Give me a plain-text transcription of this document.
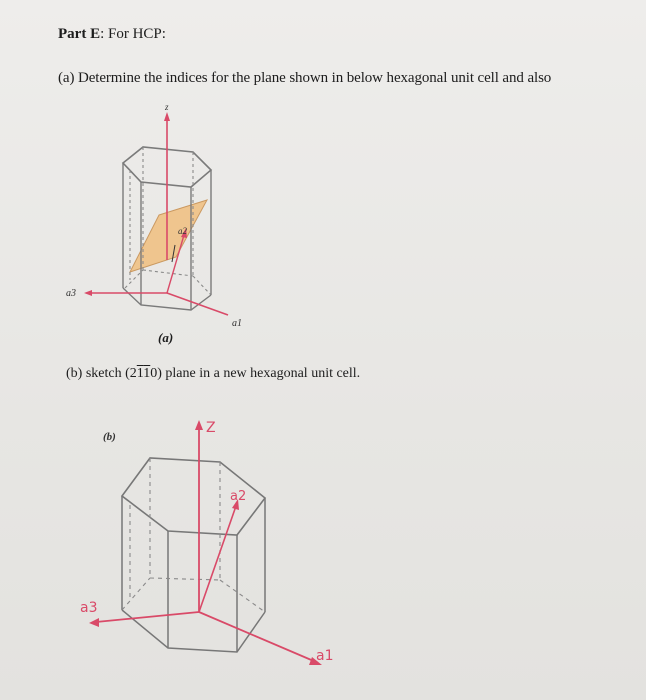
Part E: For HCP:
(a) Determine the indices for the plane shown in below hexagonal unit cell and also
z
a3
a1
a2
(a)
(b) sketch (2110) plane in a new hexagonal unit cell.
(b)
Z
a3
a1
a2
